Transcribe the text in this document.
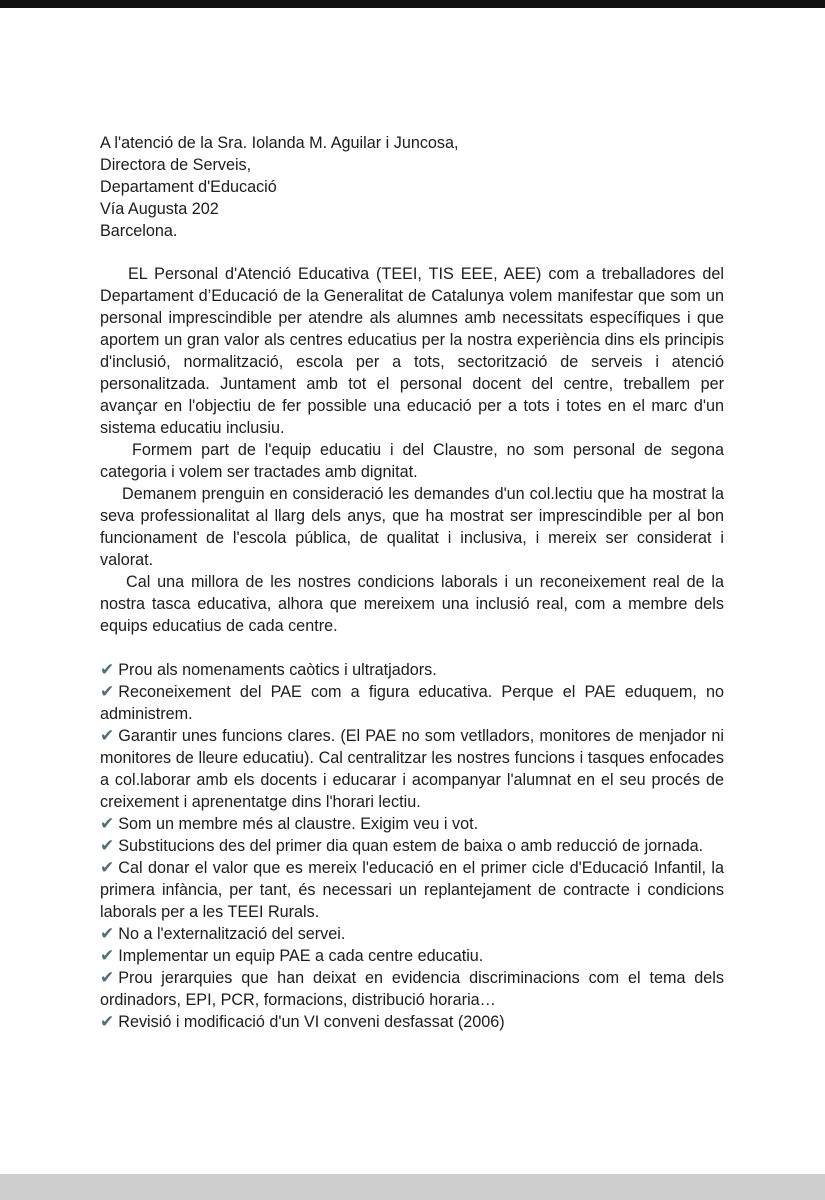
A l'atenció de la Sra. Iolanda M. Aguilar i Juncosa,

Directora de Serveis,

Departament d'Educació

Vía Augusta 202

Barcelona.

EL Personal d'Atenció Educativa (TEEI, TIS EEE, AEE) com a treballadores del Departament d’Educació de la Generalitat de Catalunya volem manifestar que som un personal imprescindible per atendre als alumnes amb necessitats específiques i que aportem un gran valor als centres educatius per la nostra experiència dins els principis d'inclusió, normalització, escola per a tots, sectorització de serveis i atenció personalitzada. Juntament amb tot el personal docent del centre, treballem per avançar en l'objectiu de fer possible una educació per a tots i totes en el marc d'un sistema educatiu inclusiu.

Formem part de l'equip educatiu i del Claustre, no som personal de segona categoria i volem ser tractades amb dignitat.

Demanem prenguin en consideració les demandes d'un col.lectiu que ha mostrat la seva professionalitat al llarg dels anys, que ha mostrat ser imprescindible per al bon funcionament de l'escola pública, de qualitat i inclusiva, i mereix ser considerat i valorat.

Cal una millora de les nostres condicions laborals i un reconeixement real de la nostra tasca educativa, alhora que mereixem una inclusió real, com a membre dels equips educatius de cada centre.

✔ Prou als nomenaments caòtics i ultratjadors.

✔ Reconeixement del PAE com a figura educativa. Perque el PAE eduquem, no administrem.

✔ Garantir unes funcions clares. (El PAE no som vetlladors, monitores de menjador ni monitores de lleure educatiu). Cal centralitzar les nostres funcions i tasques enfocades a col.laborar amb els docents i educarar i acompanyar l'alumnat en el seu procés de creixement i aprenentatge dins l'horari lectiu.

✔ Som un membre més al claustre. Exigim veu i vot.

✔ Substitucions des del primer dia quan estem de baixa o amb reducció de jornada.

✔ Cal donar el valor que es mereix l'educació en el primer cicle d'Educació Infantil, la primera infància, per tant, és necessari un replantejament de contracte i condicions laborals per a les TEEI Rurals.

✔ No a l'externalització del servei.

✔ Implementar un equip PAE a cada centre educatiu.

✔ Prou jerarquies que han deixat en evidencia discriminacions com el tema dels ordinadors, EPI, PCR, formacions, distribució horaria…

✔ Revisió i modificació d'un VI conveni desfassat (2006)
